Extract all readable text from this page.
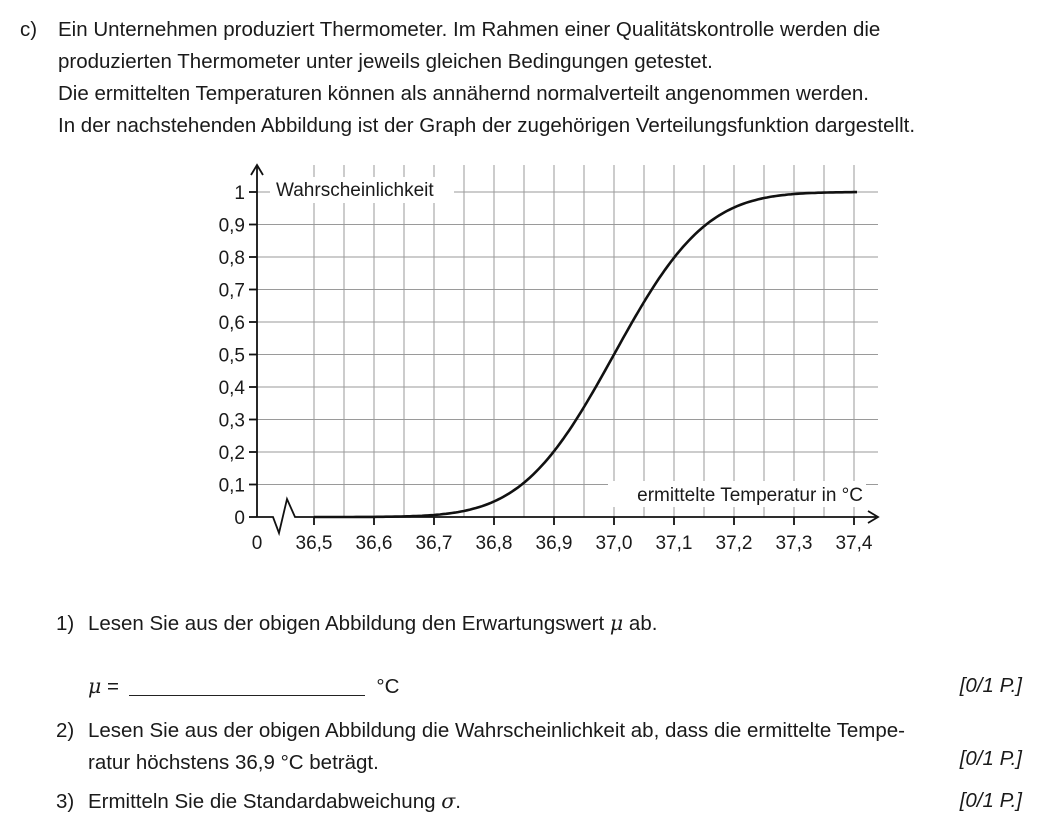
c) Ein Unternehmen produziert Thermometer. Im Rahmen einer Qualitätskontrolle werden die
produzierten Thermometer unter jeweils gleichen Bedingungen getestet.
Die ermittelten Temperaturen können als annähernd normalverteilt angenommen werden.
In der nachstehenden Abbildung ist der Graph der zugehörigen Verteilungsfunktion dargestellt.
Wahrscheinlichkeit
ermittelte Temperatur in °C
0
0,1
0,2
0,3
0,4
0,5
0,6
0,7
0,8
0,9
1
0 36,5 36,6 36,7 36,8 36,9 37,0 37,1 37,2 37,3 37,4
1) Lesen Sie aus der obigen Abbildung den Erwartungswert μ ab.
μ =	°C	[0/1 P.]
2) Lesen Sie aus der obigen Abbildung die Wahrscheinlichkeit ab, dass die ermittelte Tempe-
ratur höchstens 36,9 °C beträgt.	[0/1 P.]
3) Ermitteln Sie die Standardabweichung σ.	[0/1 P.]
